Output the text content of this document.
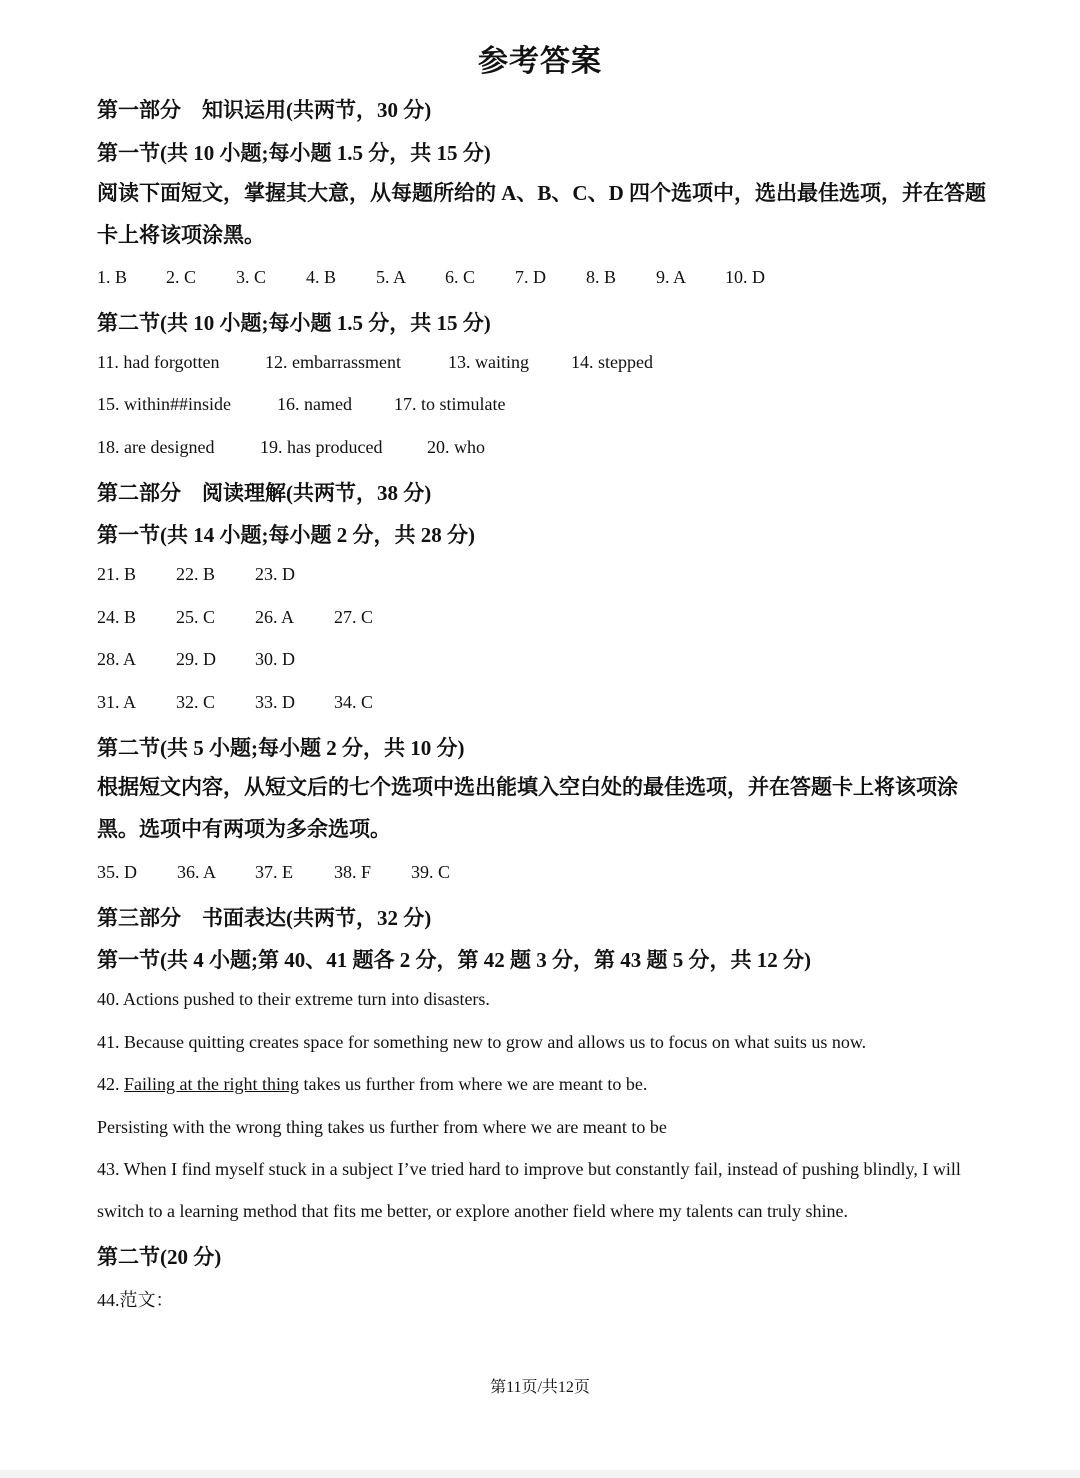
参考答案
第一部分　知识运用(共两节，30 分)
第一节(共 10 小题;每小题 1.5 分，共 15 分)
阅读下面短文，掌握其大意，从每题所给的 A、B、C、D 四个选项中，选出最佳选项，并在答题卡上将该项涂黑。
1. B 2. C 3. C 4. B 5. A 6. C 7. D 8. B 9. A 10. D
第二节(共 10 小题;每小题 1.5 分，共 15 分)
11. had forgotten	12. embarrassment	13. waiting 14. stepped
15. within##inside	16. named 17. to stimulate
18. are designed	19. has produced 20. who
第二部分　阅读理解(共两节，38 分)
第一节(共 14 小题;每小题 2 分，共 28 分)
21. B 22. B 23. D
24. B 25. C 26. A 27. C
28. A 29. D 30. D
31. A 32. C 33. D 34. C
第二节(共 5 小题;每小题 2 分，共 10 分)
根据短文内容，从短文后的七个选项中选出能填入空白处的最佳选项，并在答题卡上将该项涂黑。选项中有两项为多余选项。
35. D 36. A 37. E 38. F 39. C
第三部分　书面表达(共两节，32 分)
第一节(共 4 小题;第 40、41 题各 2 分，第 42 题 3 分，第 43 题 5 分，共 12 分)
40. Actions pushed to their extreme turn into disasters.
41. Because quitting creates space for something new to grow and allows us to focus on what suits us now.
42. Failing at the right thing takes us further from where we are meant to be.
Persisting with the wrong thing takes us further from where we are meant to be
43. When I find myself stuck in a subject I’ve tried hard to improve but constantly fail, instead of pushing blindly, I will switch to a learning method that fits me better, or explore another field where my talents can truly shine.
第二节(20 分)
44.范文：
第11页/共12页
